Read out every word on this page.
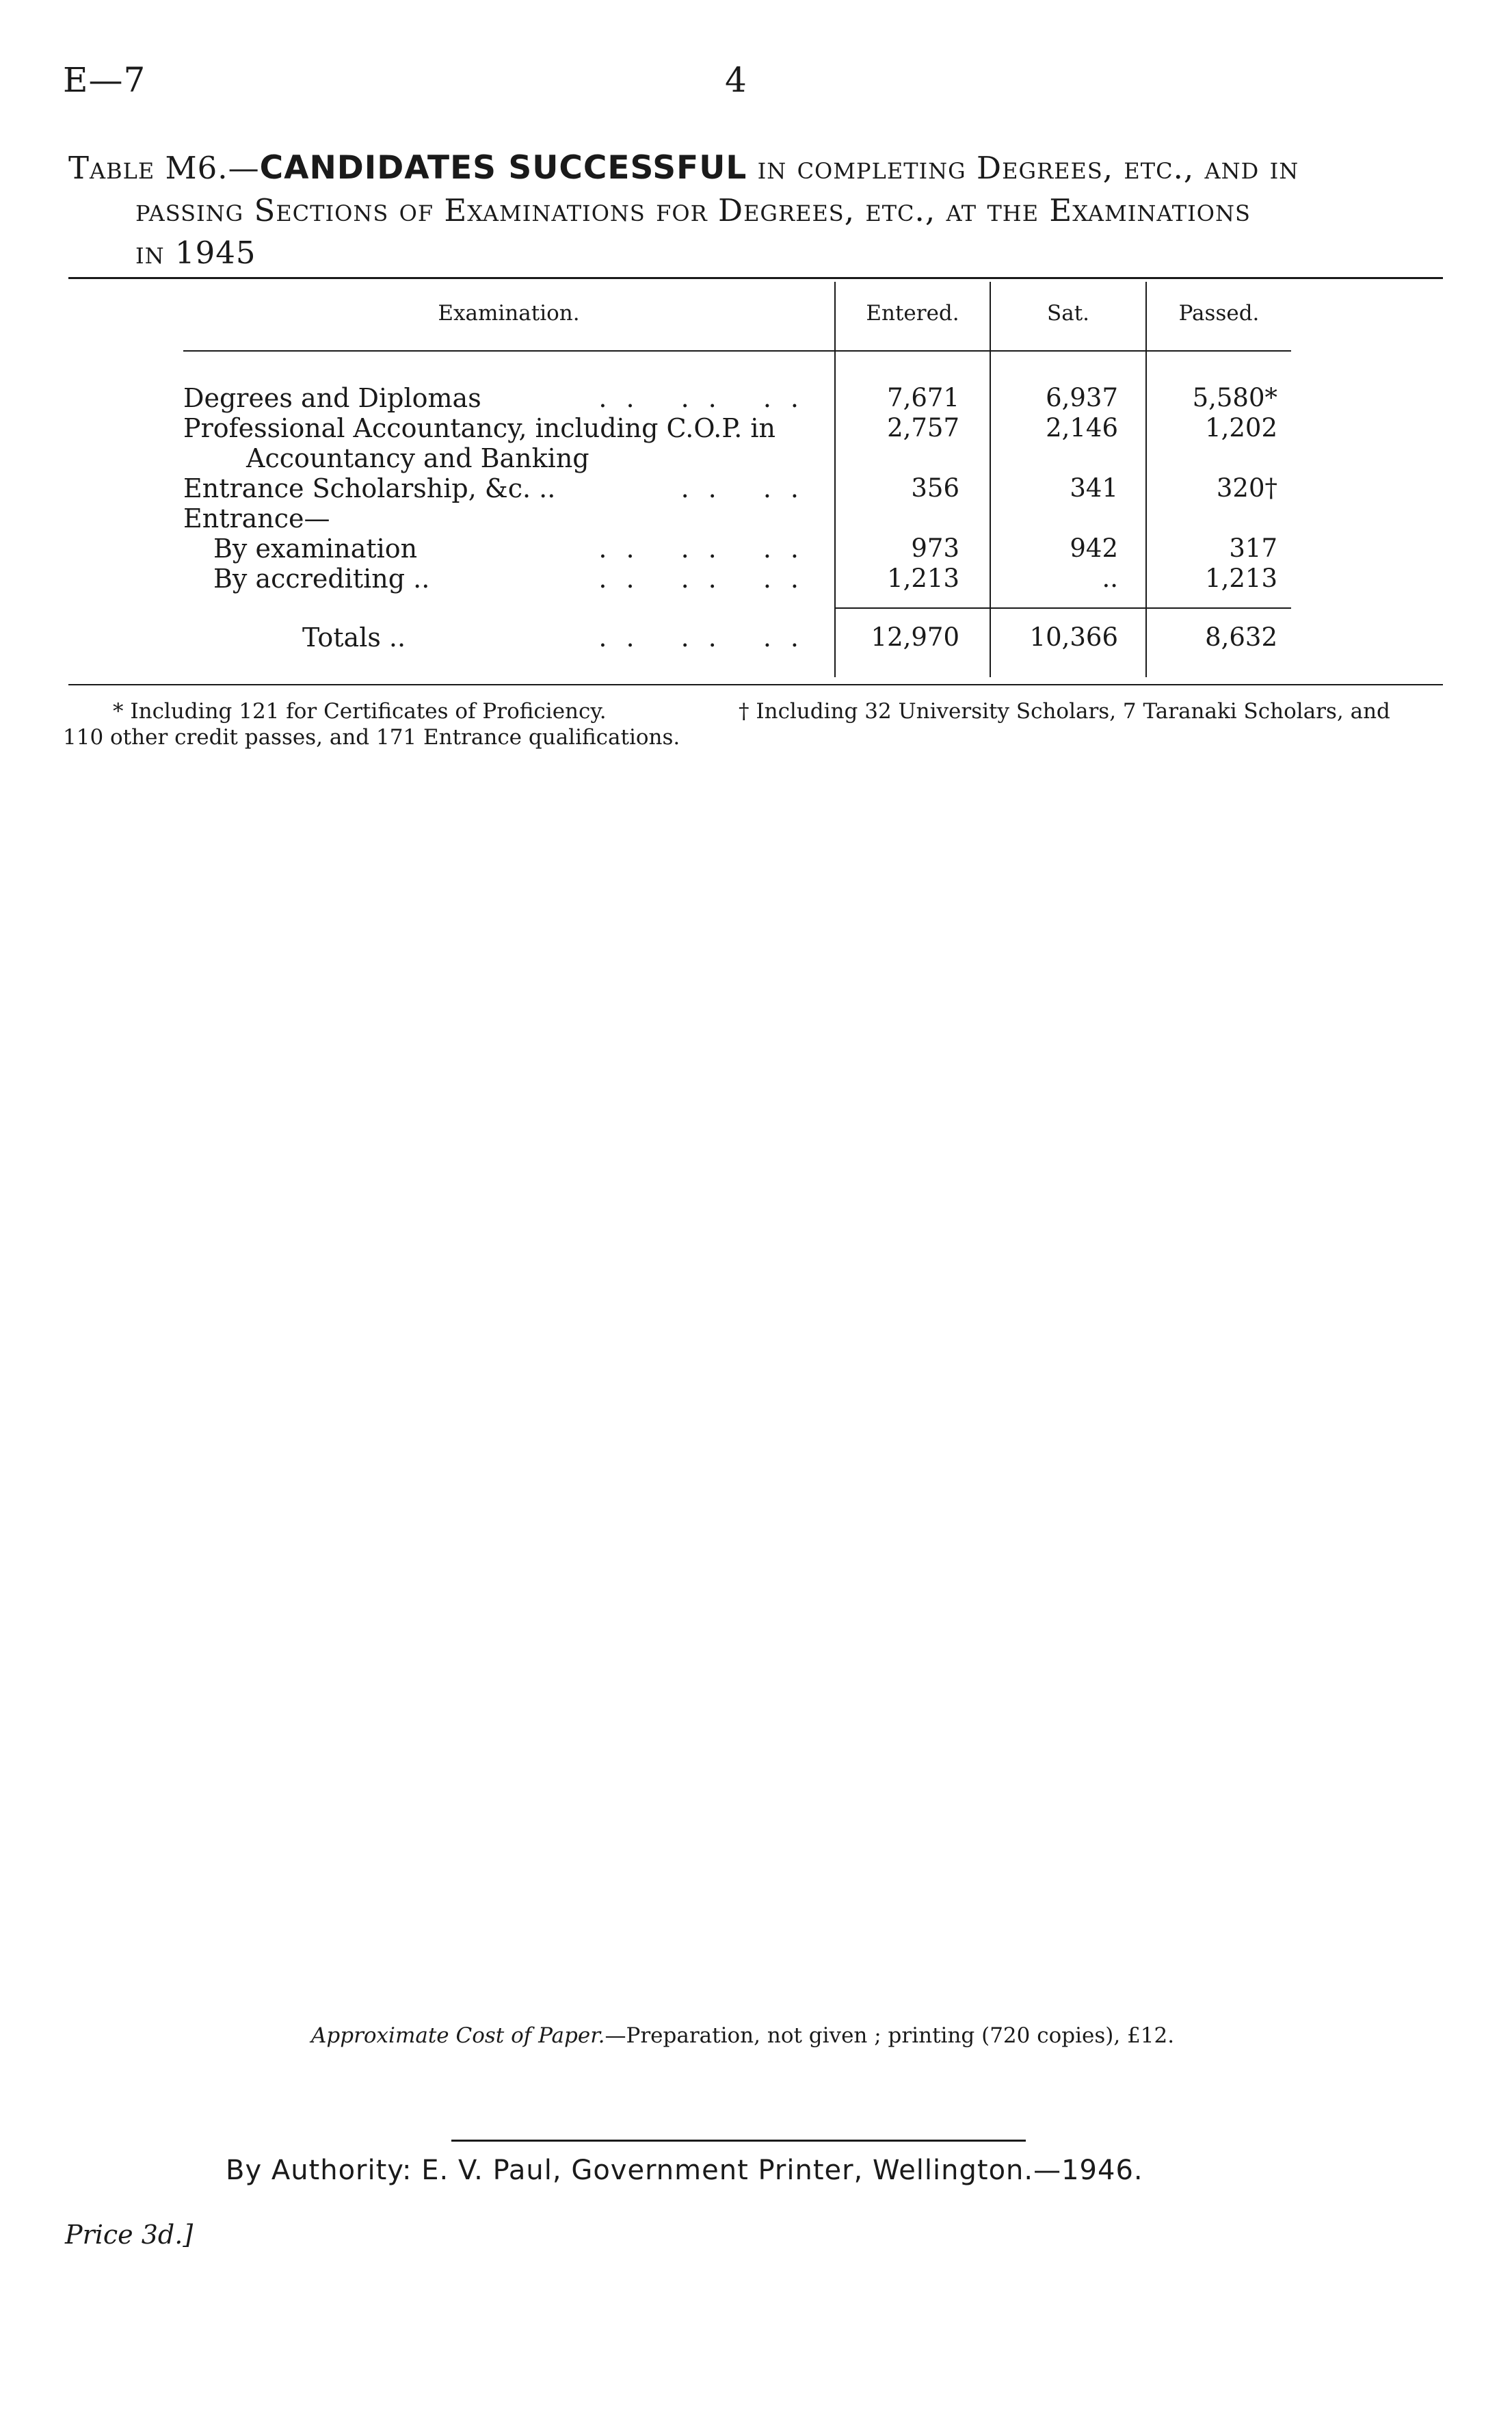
E—7	4
Table M6.—CANDIDATES SUCCESSFUL in completing Degrees, etc., and in
passing Sections of Examinations for Degrees, etc., at the Examinations
in 1945
Examination.	Entered.	Sat.	Passed.
Degrees and Diplomas	.. .. ..	7,671	6,937	5,580*
Professional Accountancy, including C.O.P. in
Accountancy and Banking
2,757	2,146	1,202
Entrance Scholarship, &c. ..	.. ..	356	341	320†
Entrance—
By examination	.. .. ..	973	942	317
By accrediting ..	.. .. ..	1,213	..	1,213
Totals ..	.. .. ..	12,970	10,366	8,632
* Including 121 for Certificates of Proficiency.	† Including 32 University Scholars, 7 Taranaki Scholars, and
110 other credit passes, and 171 Entrance qualifications.
Approximate Cost of Paper.—Preparation, not given ; printing (720 copies), £12.
By Authority: E. V. Paul, Government Printer, Wellington.—1946.
Price 3d.]
